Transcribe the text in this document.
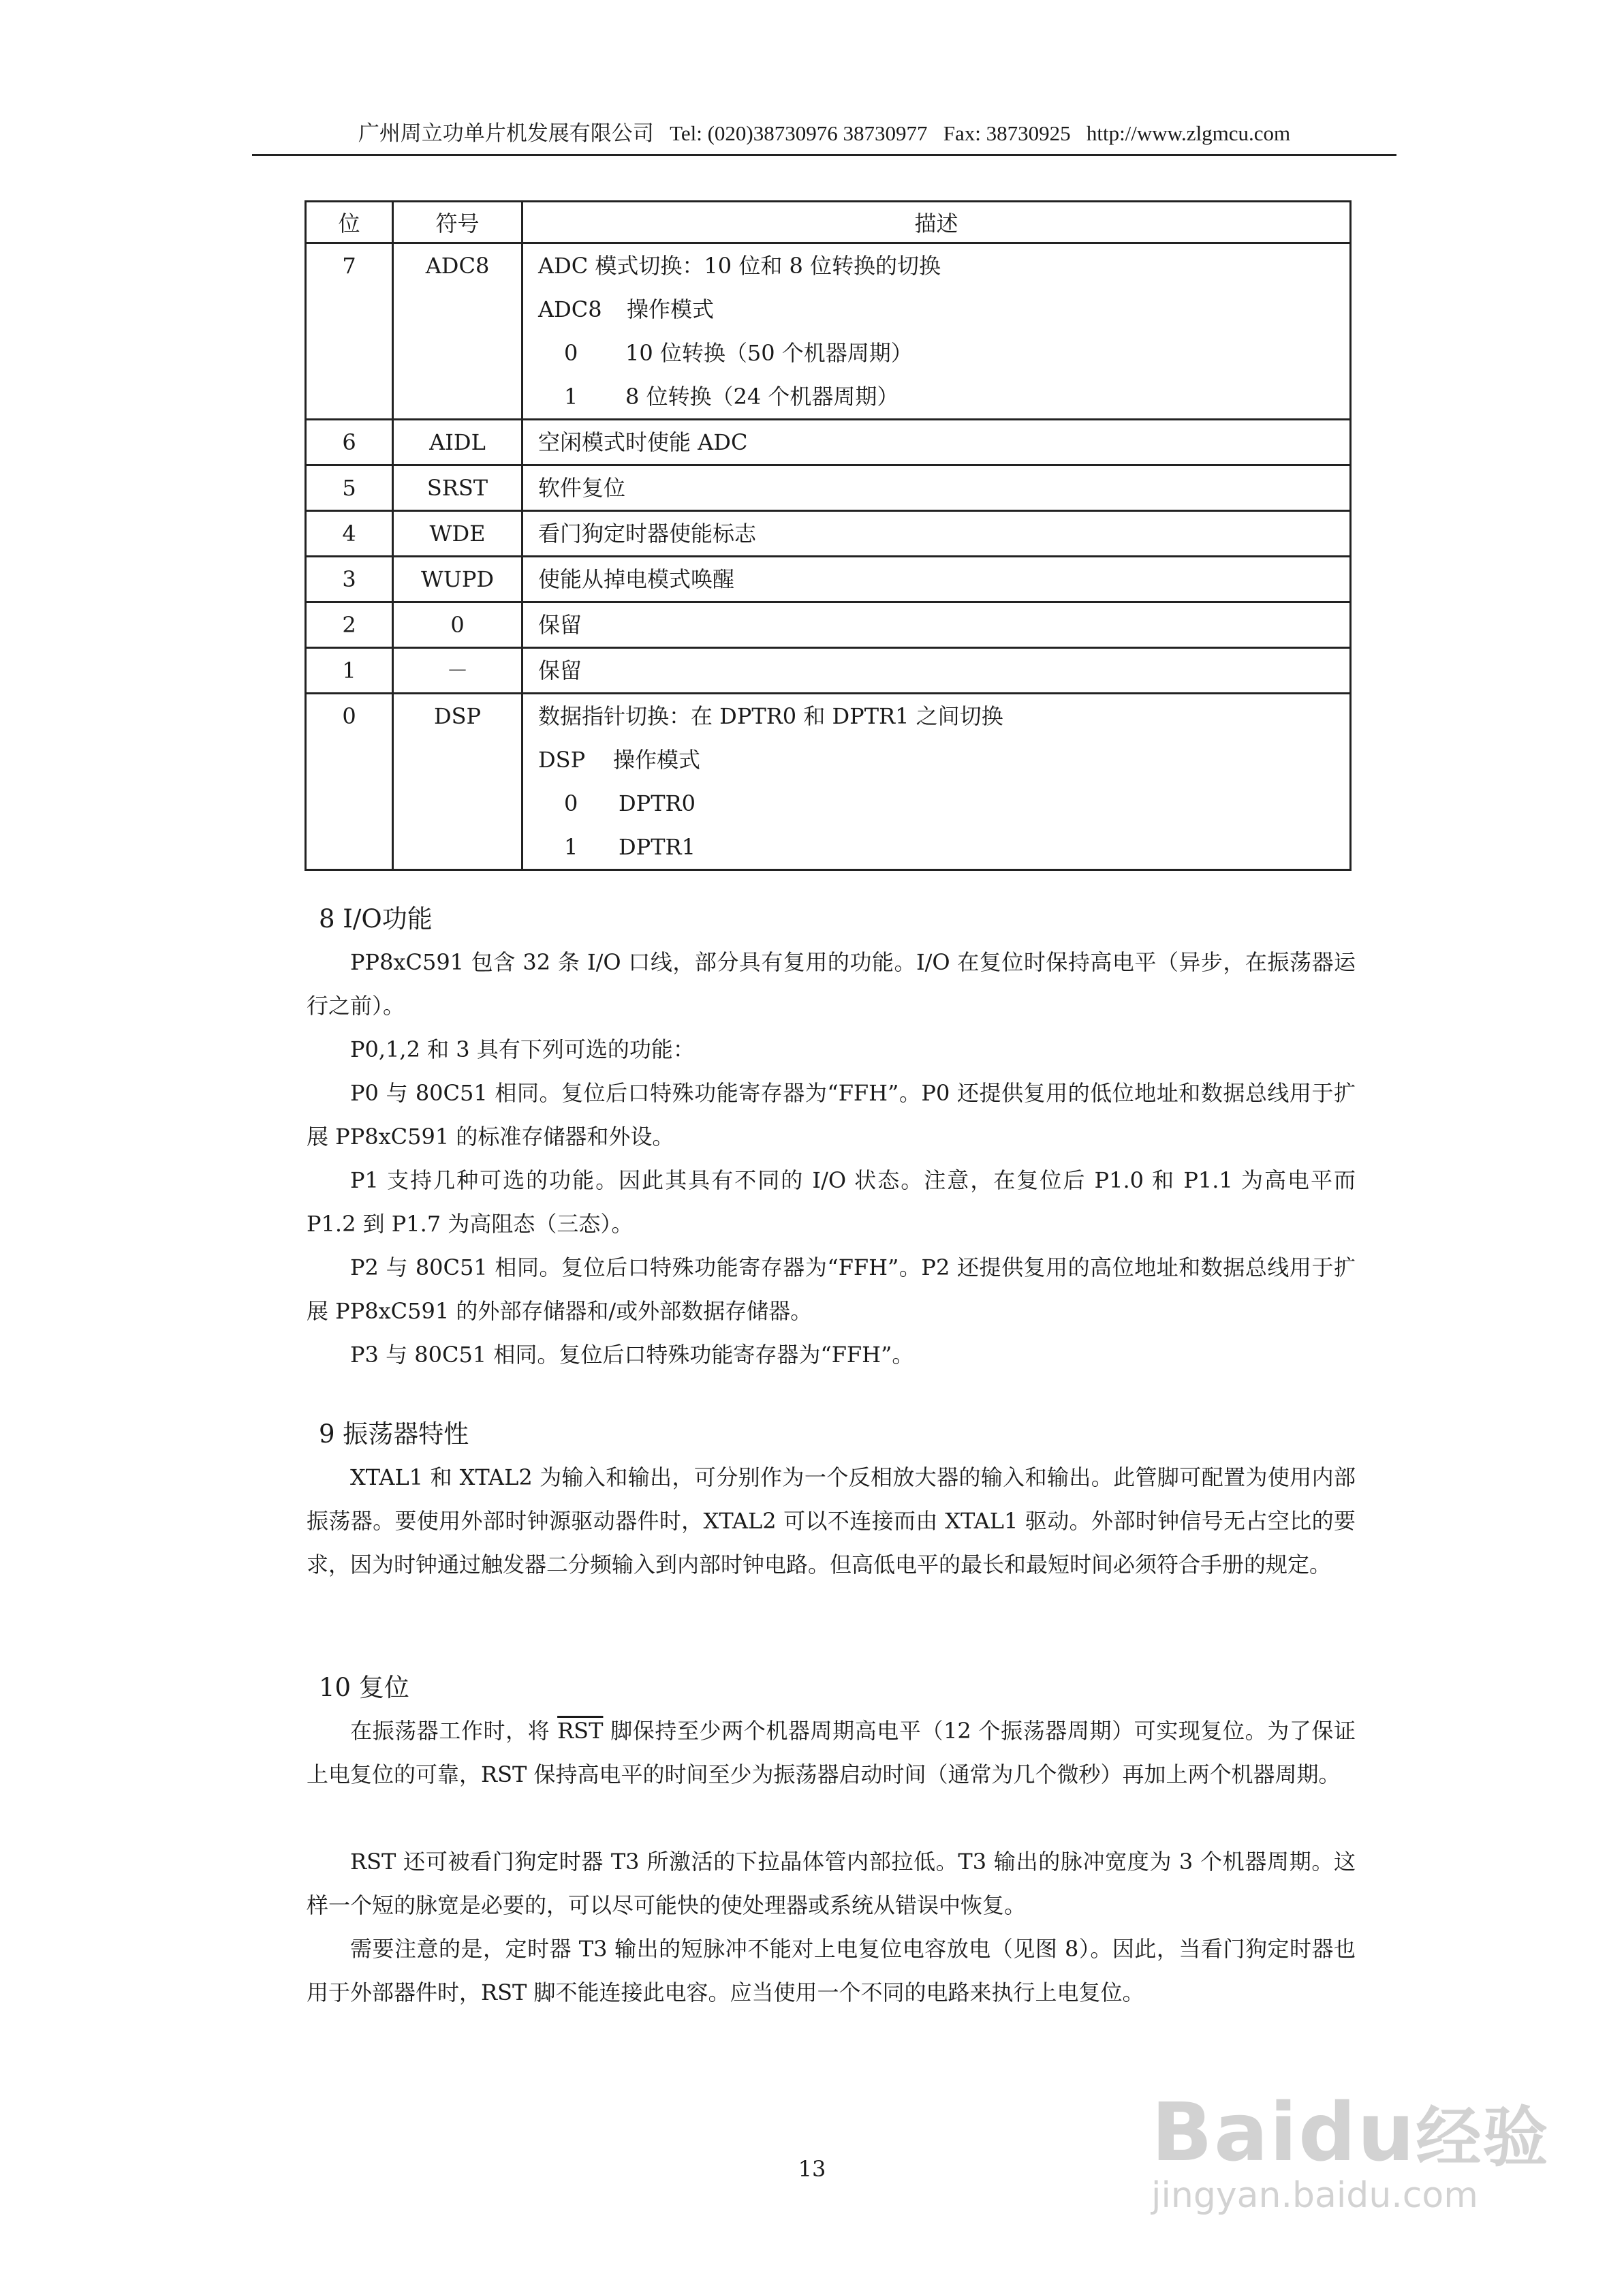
广州周立功单片机发展有限公司 Tel: (020)38730976 38730977 Fax: 38730925 http://www.zlgmcu.com
位	符号	描述

7	ADC8	ADC 模式切换：10 位和 8 位转换的切换
ADC8 操作模式
0 10 位转换（50 个机器周期）
1 8 位转换（24 个机器周期）

6	AIDL	空闲模式时使能 ADC

5	SRST	软件复位

4	WDE	看门狗定时器使能标志

3	WUPD	使能从掉电模式唤醒

2	0	保留

1	－	保留

0	DSP	数据指针切换：在 DPTR0 和 DPTR1 之间切换
DSP 操作模式
0 DPTR0
1 DPTR1
8 I/O功能
PP8xC591 包含 32 条 I/O 口线，部分具有复用的功能。I/O 在复位时保持高电平（异步，在振荡器运行之前）。
P0,1,2 和 3 具有下列可选的功能：
P0 与 80C51 相同。复位后口特殊功能寄存器为“FFH”。P0 还提供复用的低位地址和数据总线用于扩展 PP8xC591 的标准存储器和外设。
P1 支持几种可选的功能。因此其具有不同的 I/O 状态。注意，在复位后 P1.0 和 P1.1 为高电平而 P1.2 到 P1.7 为高阻态（三态）。
P2 与 80C51 相同。复位后口特殊功能寄存器为“FFH”。P2 还提供复用的高位地址和数据总线用于扩展 PP8xC591 的外部存储器和/或外部数据存储器。
P3 与 80C51 相同。复位后口特殊功能寄存器为“FFH”。
9 振荡器特性
XTAL1 和 XTAL2 为输入和输出，可分别作为一个反相放大器的输入和输出。此管脚可配置为使用内部振荡器。要使用外部时钟源驱动器件时，XTAL2 可以不连接而由 XTAL1 驱动。外部时钟信号无占空比的要求，因为时钟通过触发器二分频输入到内部时钟电路。但高低电平的最长和最短时间必须符合手册的规定。
10 复位
在振荡器工作时，将 $\overline{RST}$ 脚保持至少两个机器周期高电平（12 个振荡器周期）可实现复位。为了保证上电复位的可靠，RST 保持高电平的时间至少为振荡器启动时间（通常为几个微秒）再加上两个机器周期。
RST 还可被看门狗定时器 T3 所激活的下拉晶体管内部拉低。T3 输出的脉冲宽度为 3 个机器周期。这样一个短的脉宽是必要的，可以尽可能快的使处理器或系统从错误中恢复。
需要注意的是，定时器 T3 输出的短脉冲不能对上电复位电容放电（见图 8）。因此，当看门狗定时器也用于外部器件时，RST 脚不能连接此电容。应当使用一个不同的电路来执行上电复位。
13	Baidu经验
jingyan.baidu.com
